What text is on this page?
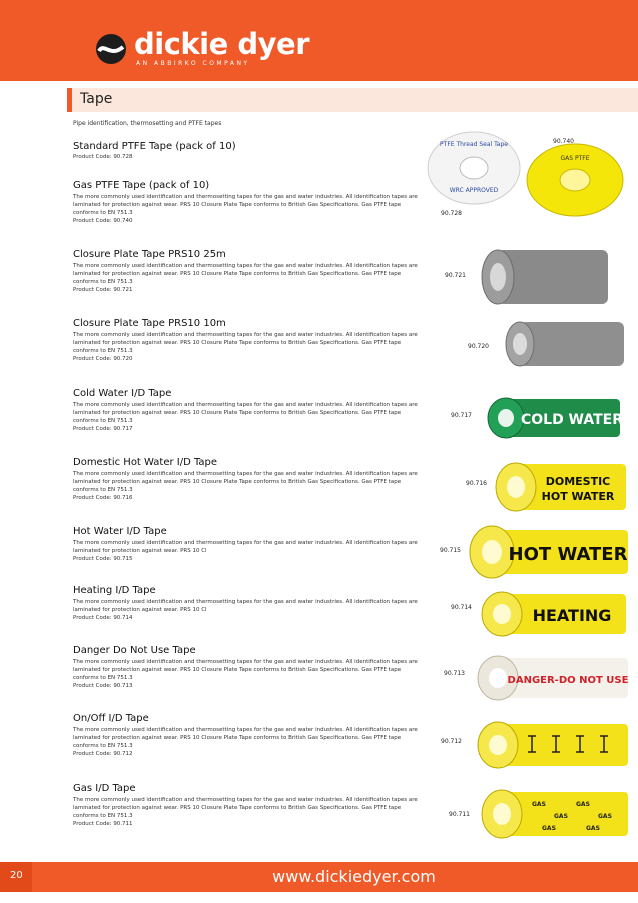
dickie dyer
AN ABBIRKO COMPANY
Tape
Pipe identification, thermosetting and PTFE tapes
Standard PTFE Tape (pack of 10)
Product Code: 90.728
Gas PTFE Tape (pack of 10)
The more commonly used identification and thermosetting tapes for the gas and water industries. All identification tapes are laminated for protection against wear. PRS 10 Closure Plate Tape conforms to British Gas Specifications. Gas PTFE tape conforms to EN 751.3
Product Code: 90.740
Closure Plate Tape PRS10 25m
The more commonly used identification and thermosetting tapes for the gas and water industries. All identification tapes are laminated for protection against wear. PRS 10 Closure Plate Tape conforms to British Gas Specifications. Gas PTFE tape conforms to EN 751.3
Product Code: 90.721
Closure Plate Tape PRS10 10m
The more commonly used identification and thermosetting tapes for the gas and water industries. All identification tapes are laminated for protection against wear. PRS 10 Closure Plate Tape conforms to British Gas Specifications. Gas PTFE tape conforms to EN 751.3
Product Code: 90.720
Cold Water I/D Tape
The more commonly used identification and thermosetting tapes for the gas and water industries. All identification tapes are laminated for protection against wear. PRS 10 Closure Plate Tape conforms to British Gas Specifications. Gas PTFE tape conforms to EN 751.3
Product Code: 90.717
Domestic Hot Water I/D Tape
The more commonly used identification and thermosetting tapes for the gas and water industries. All identification tapes are laminated for protection against wear. PRS 10 Closure Plate Tape conforms to British Gas Specifications. Gas PTFE tape conforms to EN 751.3
Product Code: 90.716
Hot Water I/D Tape
The more commonly used identification and thermosetting tapes for the gas and water industries. All identification tapes are laminated for protection against wear. PRS 10 Cl
Product Code: 90.715
Heating I/D Tape
The more commonly used identification and thermosetting tapes for the gas and water industries. All identification tapes are laminated for protection against wear. PRS 10 Cl
Product Code: 90.714
Danger Do Not Use Tape
The more commonly used identification and thermosetting tapes for the gas and water industries. All identification tapes are laminated for protection against wear. PRS 10 Closure Plate Tape conforms to British Gas Specifications. Gas PTFE tape conforms to EN 751.3
Product Code: 90.713
On/Off I/D Tape
The more commonly used identification and thermosetting tapes for the gas and water industries. All identification tapes are laminated for protection against wear. PRS 10 Closure Plate Tape conforms to British Gas Specifications. Gas PTFE tape conforms to EN 751.3
Product Code: 90.712
Gas I/D Tape
The more commonly used identification and thermosetting tapes for the gas and water industries. All identification tapes are laminated for protection against wear. PRS 10 Closure Plate Tape conforms to British Gas Specifications. Gas PTFE tape conforms to EN 751.3
Product Code: 90.711
PTFE Thread Seal Tape
WRC APPROVED
GAS PTFE
90.740
90.728
90.721
90.720
COLD WATER
90.717
DOMESTIC
HOT WATER
90.716
HOT WATER
90.715
HEATING
90.714
DANGER-DO NOT USE
90.713
90.712
GAS
GAS
GAS
GAS
GAS	GAS
90.711
20	www.dickiedyer.com
